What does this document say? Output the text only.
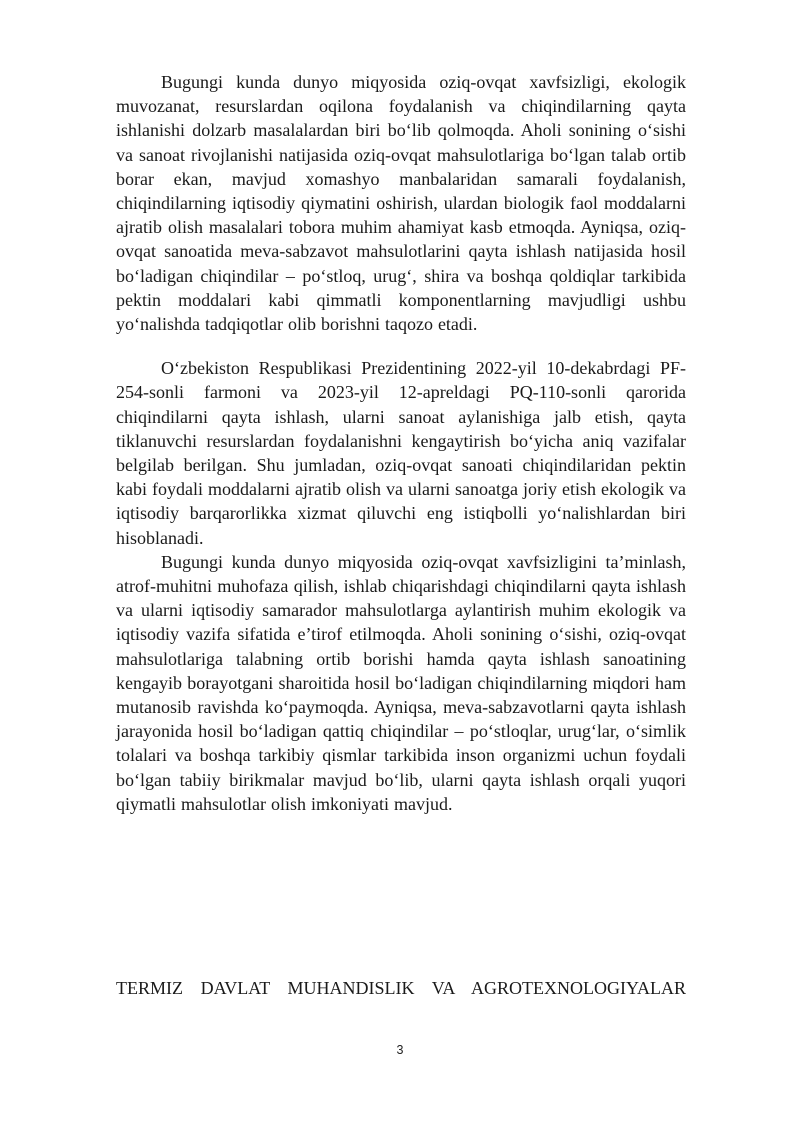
Bugungi kunda dunyo miqyosida oziq-ovqat xavfsizligi, ekologik muvozanat, resurslardan oqilona foydalanish va chiqindilarning qayta ishlanishi dolzarb masalalardan biri bo‘lib qolmoqda. Aholi sonining o‘sishi va sanoat rivojlanishi natijasida oziq-ovqat mahsulotlariga bo‘lgan talab ortib borar ekan, mavjud xomashyo manbalaridan samarali foydalanish, chiqindilarning iqtisodiy qiymatini oshirish, ulardan biologik faol moddalarni ajratib olish masalalari tobora muhim ahamiyat kasb etmoqda. Ayniqsa, oziq-ovqat sanoatida meva-sabzavot mahsulotlarini qayta ishlash natijasida hosil bo‘ladigan chiqindilar – po‘stloq, urug‘, shira va boshqa qoldiqlar tarkibida pektin moddalari kabi qimmatli komponentlarning mavjudligi ushbu yo‘nalishda tadqiqotlar olib borishni taqozo etadi.

O‘zbekiston Respublikasi Prezidentining 2022-yil 10-dekabrdagi PF-254-sonli farmoni va 2023-yil 12-apreldagi PQ-110-sonli qarorida chiqindilarni qayta ishlash, ularni sanoat aylanishiga jalb etish, qayta tiklanuvchi resurslardan foydalanishni kengaytirish bo‘yicha aniq vazifalar belgilab berilgan. Shu jumladan, oziq-ovqat sanoati chiqindilaridan pektin kabi foydali moddalarni ajratib olish va ularni sanoatga joriy etish ekologik va iqtisodiy barqarorlikka xizmat qiluvchi eng istiqbolli yo‘nalishlardan biri hisoblanadi.

Bugungi kunda dunyo miqyosida oziq-ovqat xavfsizligini ta’minlash, atrof-muhitni muhofaza qilish, ishlab chiqarishdagi chiqindilarni qayta ishlash va ularni iqtisodiy samarador mahsulotlarga aylantirish muhim ekologik va iqtisodiy vazifa sifatida e’tirof etilmoqda. Aholi sonining o‘sishi, oziq-ovqat mahsulotlariga talabning ortib borishi hamda qayta ishlash sanoatining kengayib borayotgani sharoitida hosil bo‘ladigan chiqindilarning miqdori ham mutanosib ravishda ko‘paymoqda. Ayniqsa, meva-sabzavotlarni qayta ishlash jarayonida hosil bo‘ladigan qattiq chiqindilar – po‘stloqlar, urug‘lar, o‘simlik tolalari va boshqa tarkibiy qismlar tarkibida inson organizmi uchun foydali bo‘lgan tabiiy birikmalar mavjud bo‘lib, ularni qayta ishlash orqali yuqori qiymatli mahsulotlar olish imkoniyati mavjud.

TERMIZ DAVLAT MUHANDISLIK VA AGROTEXNOLOGIYALAR
3
